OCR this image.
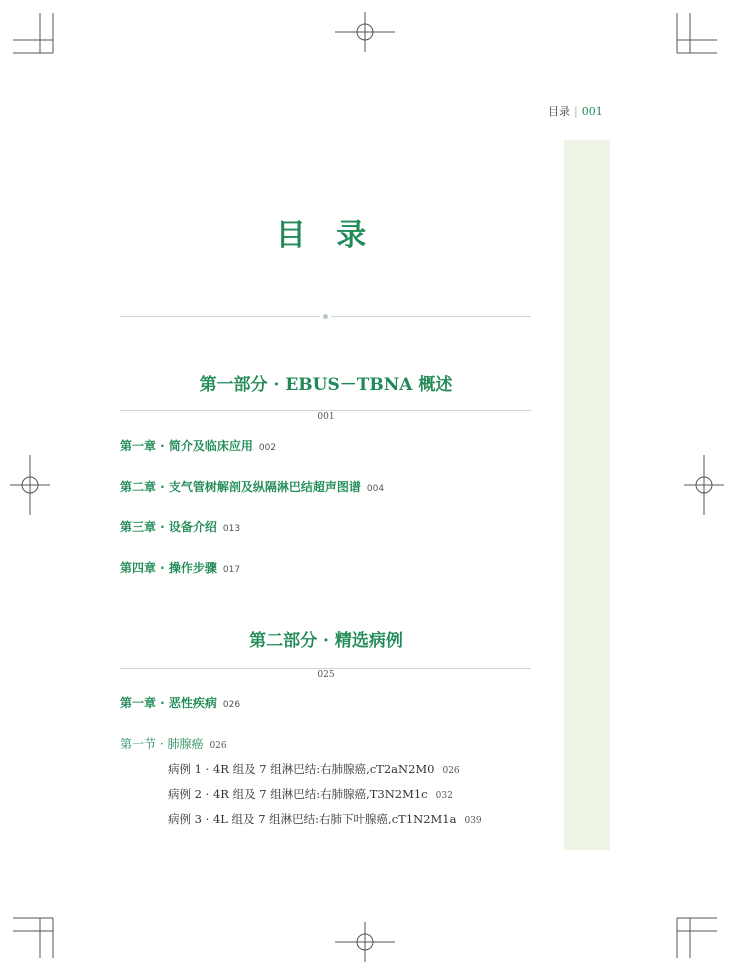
目录 | 001
目 录
第一部分 · EBUS－TBNA 概述
001
第一章 · 简介及临床应用 002
第二章 · 支气管树解剖及纵隔淋巴结超声图谱 004
第三章 · 设备介绍 013
第四章 · 操作步骤 017
第二部分 · 精选病例
025
第一章 · 恶性疾病 026
第一节 · 肺腺癌 026
病例 1 · 4R 组及 7 组淋巴结:右肺腺癌,cT2aN2M0 026
病例 2 · 4R 组及 7 组淋巴结:右肺腺癌,T3N2M1c 032
病例 3 · 4L 组及 7 组淋巴结:右肺下叶腺癌,cT1N2M1a 039
